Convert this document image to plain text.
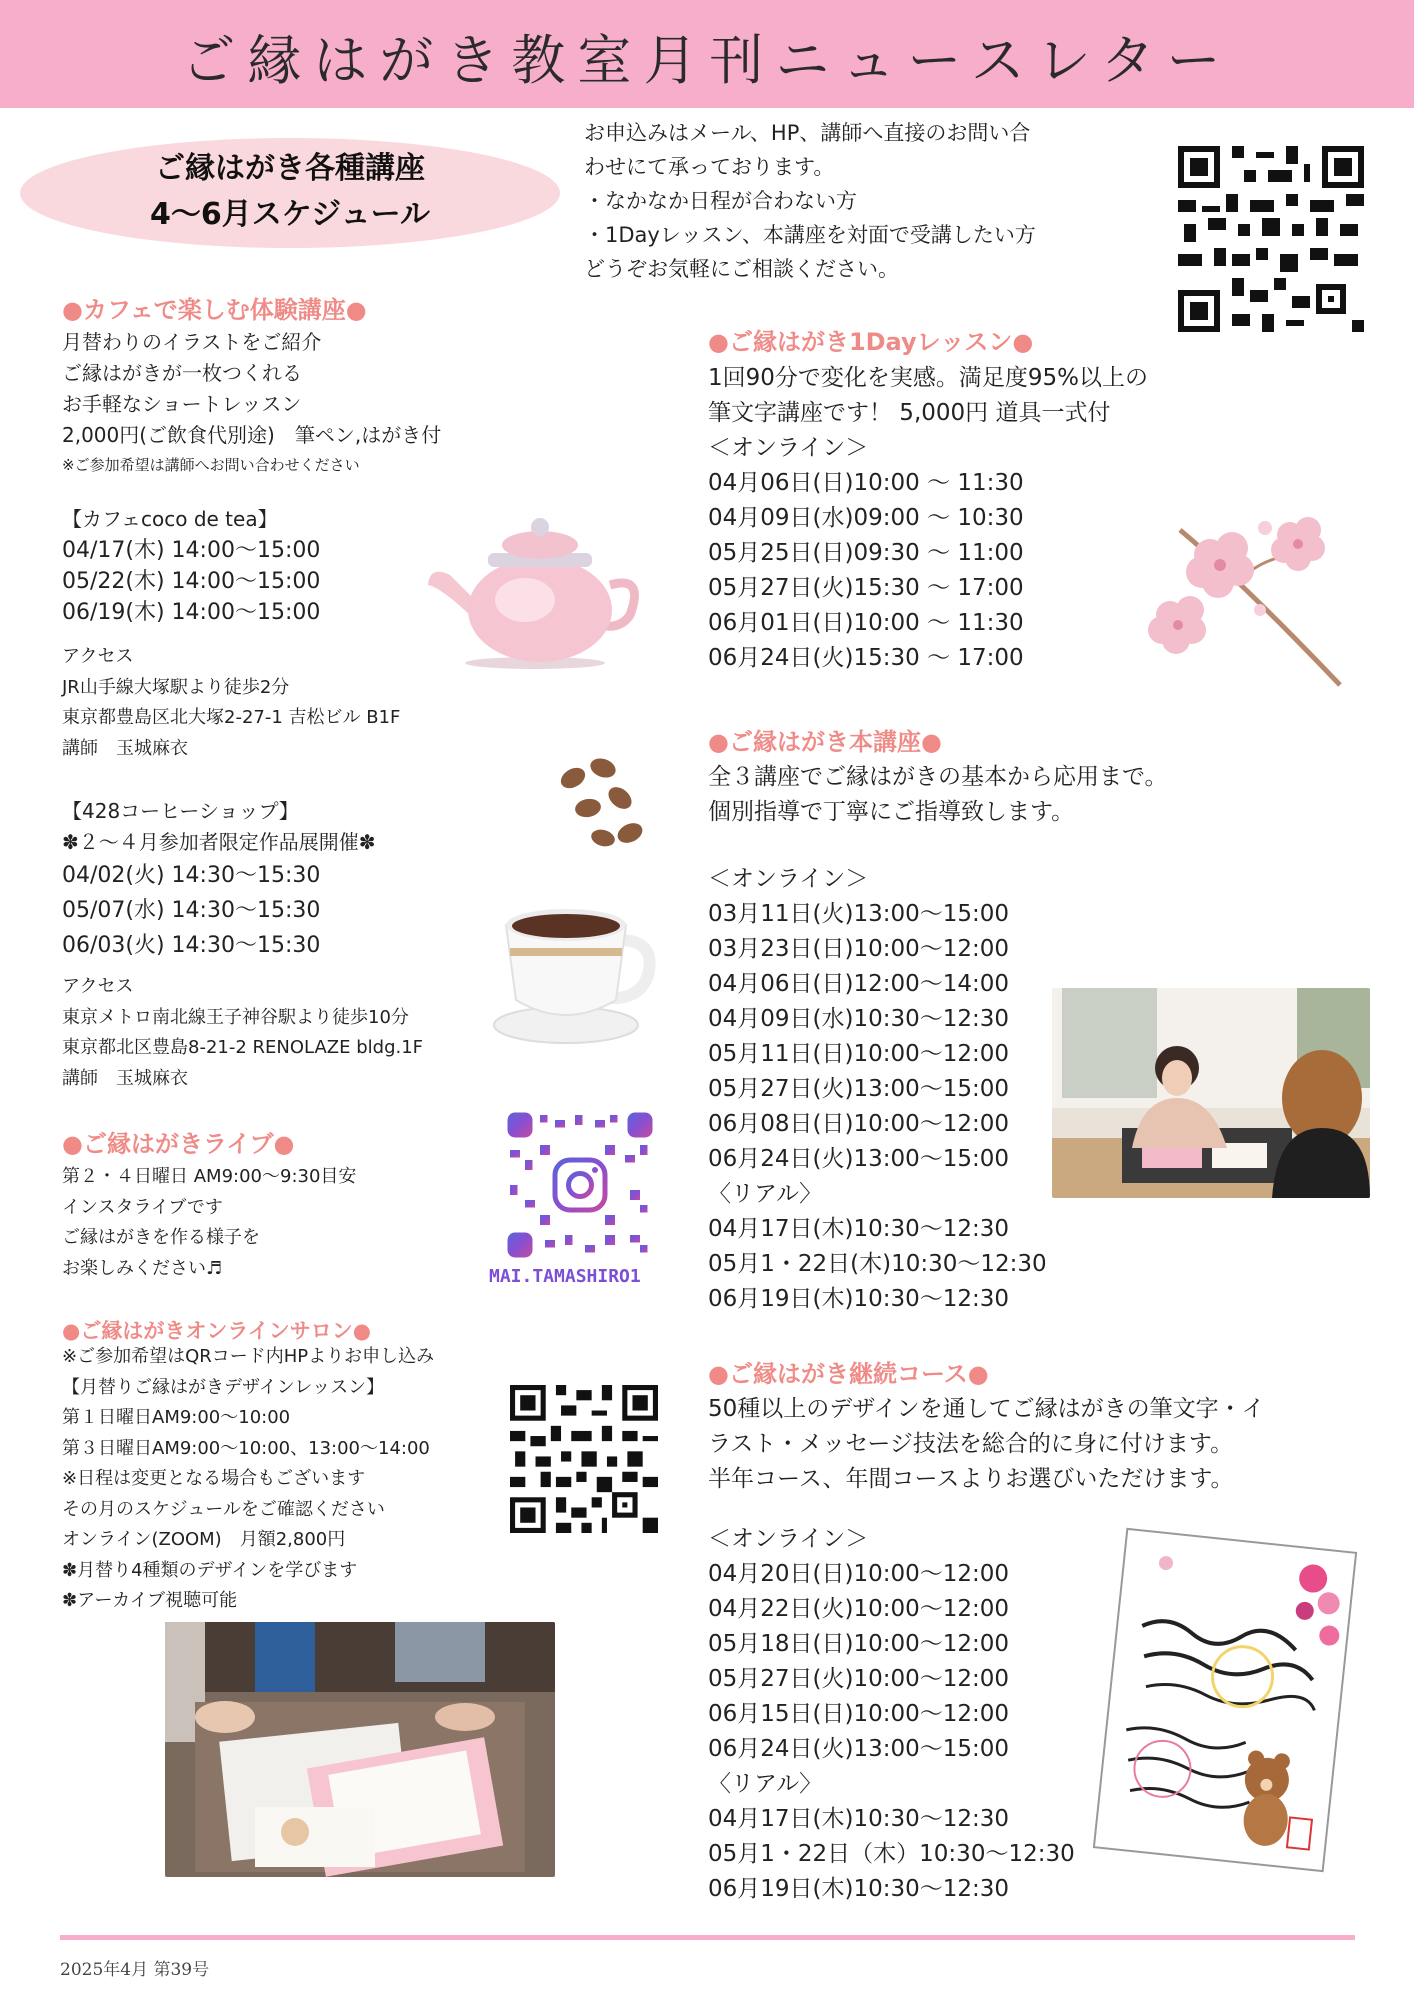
ご縁はがき教室月刊ニュースレター
ご縁はがき各種講座
4〜6月スケジュール
お申込みはメール、HP、講師へ直接のお問い合
わせにて承っております。
・なかなか日程が合わない方
・1Dayレッスン、本講座を対面で受講したい方
どうぞお気軽にご相談ください。
●カフェで楽しむ体験講座●
月替わりのイラストをご紹介
ご縁はがきが一枚つくれる
お手軽なショートレッスン
2,000円(ご飲食代別途)　筆ペン,はがき付
※ご参加希望は講師へお問い合わせください
【カフェcoco de tea】
04/17(木) 14:00〜15:00
05/22(木) 14:00〜15:00
06/19(木) 14:00〜15:00
アクセス
JR山手線大塚駅より徒歩2分
東京都豊島区北大塚2-27-1 吉松ビル B1F
講師　玉城麻衣
【428コーヒーショップ】
✽２〜４月参加者限定作品展開催✽
04/02(火) 14:30〜15:30
05/07(水) 14:30〜15:30
06/03(火) 14:30〜15:30
アクセス
東京メトロ南北線王子神谷駅より徒歩10分
東京都北区豊島8-21-2 RENOLAZE bldg.1F
講師　玉城麻衣
●ご縁はがきライブ●
第２・４日曜日 AM9:00〜9:30目安
インスタライブです
ご縁はがきを作る様子を
お楽しみください♬	MAI.TAMASHIRO1
●ご縁はがきオンラインサロン●
※ご参加希望はQRコード内HPよりお申し込み
【月替りご縁はがきデザインレッスン】
第１日曜日AM9:00〜10:00
第３日曜日AM9:00〜10:00、13:00〜14:00
※日程は変更となる場合もございます
その月のスケジュールをご確認ください
オンライン(ZOOM)　月額2,800円
✽月替り4種類のデザインを学びます
✽アーカイブ視聴可能
●ご縁はがき1Dayレッスン●
1回90分で変化を実感。満足度95%以上の
筆文字講座です！ 5,000円 道具一式付
＜オンライン＞
04月06日(日)10:00 〜 11:30
04月09日(水)09:00 〜 10:30
05月25日(日)09:30 〜 11:00
05月27日(火)15:30 〜 17:00
06月01日(日)10:00 〜 11:30
06月24日(火)15:30 〜 17:00
●ご縁はがき本講座●
全３講座でご縁はがきの基本から応用まで。
個別指導で丁寧にご指導致します。
＜オンライン＞
03月11日(火)13:00〜15:00
03月23日(日)10:00〜12:00
04月06日(日)12:00〜14:00
04月09日(水)10:30〜12:30
05月11日(日)10:00〜12:00
05月27日(火)13:00〜15:00
06月08日(日)10:00〜12:00
06月24日(火)13:00〜15:00
〈リアル〉
04月17日(木)10:30〜12:30
05月1・22日(木)10:30〜12:30
06月19日(木)10:30〜12:30
●ご縁はがき継続コース●
50種以上のデザインを通してご縁はがきの筆文字・イ
ラスト・メッセージ技法を総合的に身に付けます。
半年コース、年間コースよりお選びいただけます。
＜オンライン＞
04月20日(日)10:00〜12:00
04月22日(火)10:00〜12:00
05月18日(日)10:00〜12:00
05月27日(火)10:00〜12:00
06月15日(日)10:00〜12:00
06月24日(火)13:00〜15:00
〈リアル〉
04月17日(木)10:30〜12:30
05月1・22日（木）10:30〜12:30
06月19日(木)10:30〜12:30
2025年4月 第39号
